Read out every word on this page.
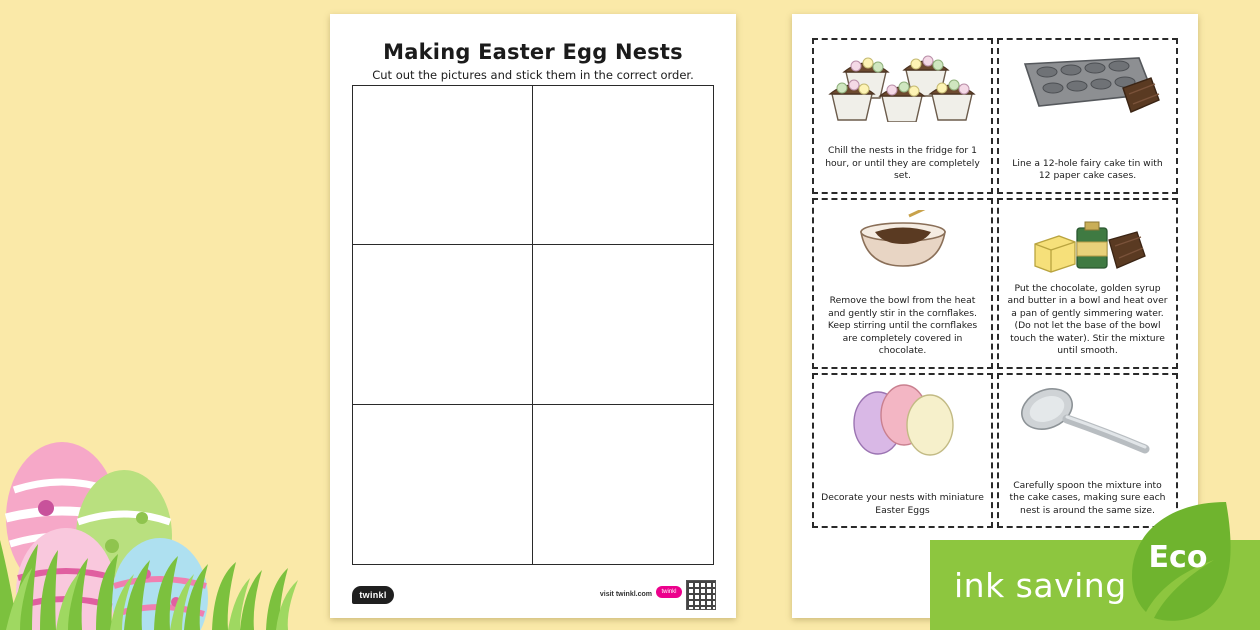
Making Easter Egg Nests

Cut out the pictures and stick them in the correct order.

twinkl	visit twinkl.com	twinkl
Chill the nests in the fridge for 1 hour, or until they are completely set.
Line a 12-hole fairy cake tin with 12 paper cake cases.
Remove the bowl from the heat and gently stir in the cornflakes. Keep stirring until the cornflakes are completely covered in chocolate.
Put the chocolate, golden syrup and butter in a bowl and heat over a pan of gently simmering water. (Do not let the base of the bowl touch the water). Stir the mixture until smooth.
Decorate your nests with miniature Easter Eggs
Carefully spoon the mixture into the cake cases, making sure each nest is around the same size.
ink saving
Eco
